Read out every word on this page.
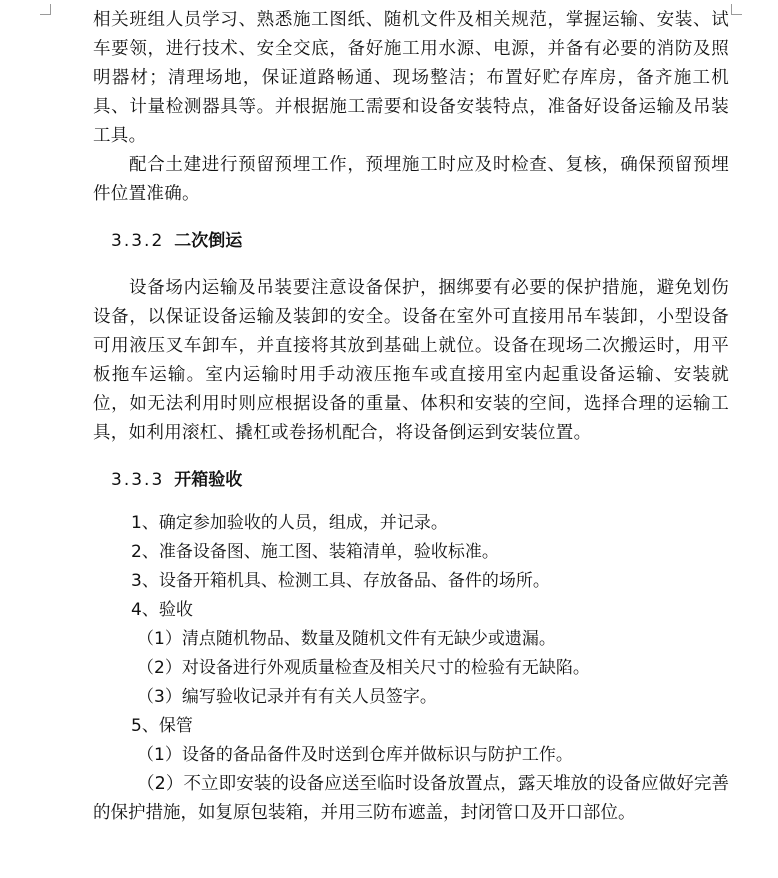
相关班组人员学习、熟悉施工图纸、随机文件及相关规范，掌握运输、安装、试车要领，进行技术、安全交底，备好施工用水源、电源，并备有必要的消防及照明器材；清理场地，保证道路畅通、现场整洁；布置好贮存库房，备齐施工机具、计量检测器具等。并根据施工需要和设备安装特点，准备好设备运输及吊装工具。

配合土建进行预留预埋工作，预埋施工时应及时检查、复核，确保预留预埋件位置准确。

3.3.2 二次倒运

设备场内运输及吊装要注意设备保护，捆绑要有必要的保护措施，避免划伤设备，以保证设备运输及装卸的安全。设备在室外可直接用吊车装卸，小型设备可用液压叉车卸车，并直接将其放到基础上就位。设备在现场二次搬运时，用平板拖车运输。室内运输时用手动液压拖车或直接用室内起重设备运输、安装就位，如无法利用时则应根据设备的重量、体积和安装的空间，选择合理的运输工具，如利用滚杠、撬杠或卷扬机配合，将设备倒运到安装位置。

3.3.3 开箱验收

1、确定参加验收的人员，组成，并记录。

2、准备设备图、施工图、装箱清单，验收标准。

3、设备开箱机具、检测工具、存放备品、备件的场所。

4、验收

（1）清点随机物品、数量及随机文件有无缺少或遗漏。

（2）对设备进行外观质量检查及相关尺寸的检验有无缺陷。

（3）编写验收记录并有有关人员签字。

5、保管

（1）设备的备品备件及时送到仓库并做标识与防护工作。

（2）不立即安装的设备应送至临时设备放置点，露天堆放的设备应做好完善的保护措施，如复原包装箱，并用三防布遮盖，封闭管口及开口部位。
